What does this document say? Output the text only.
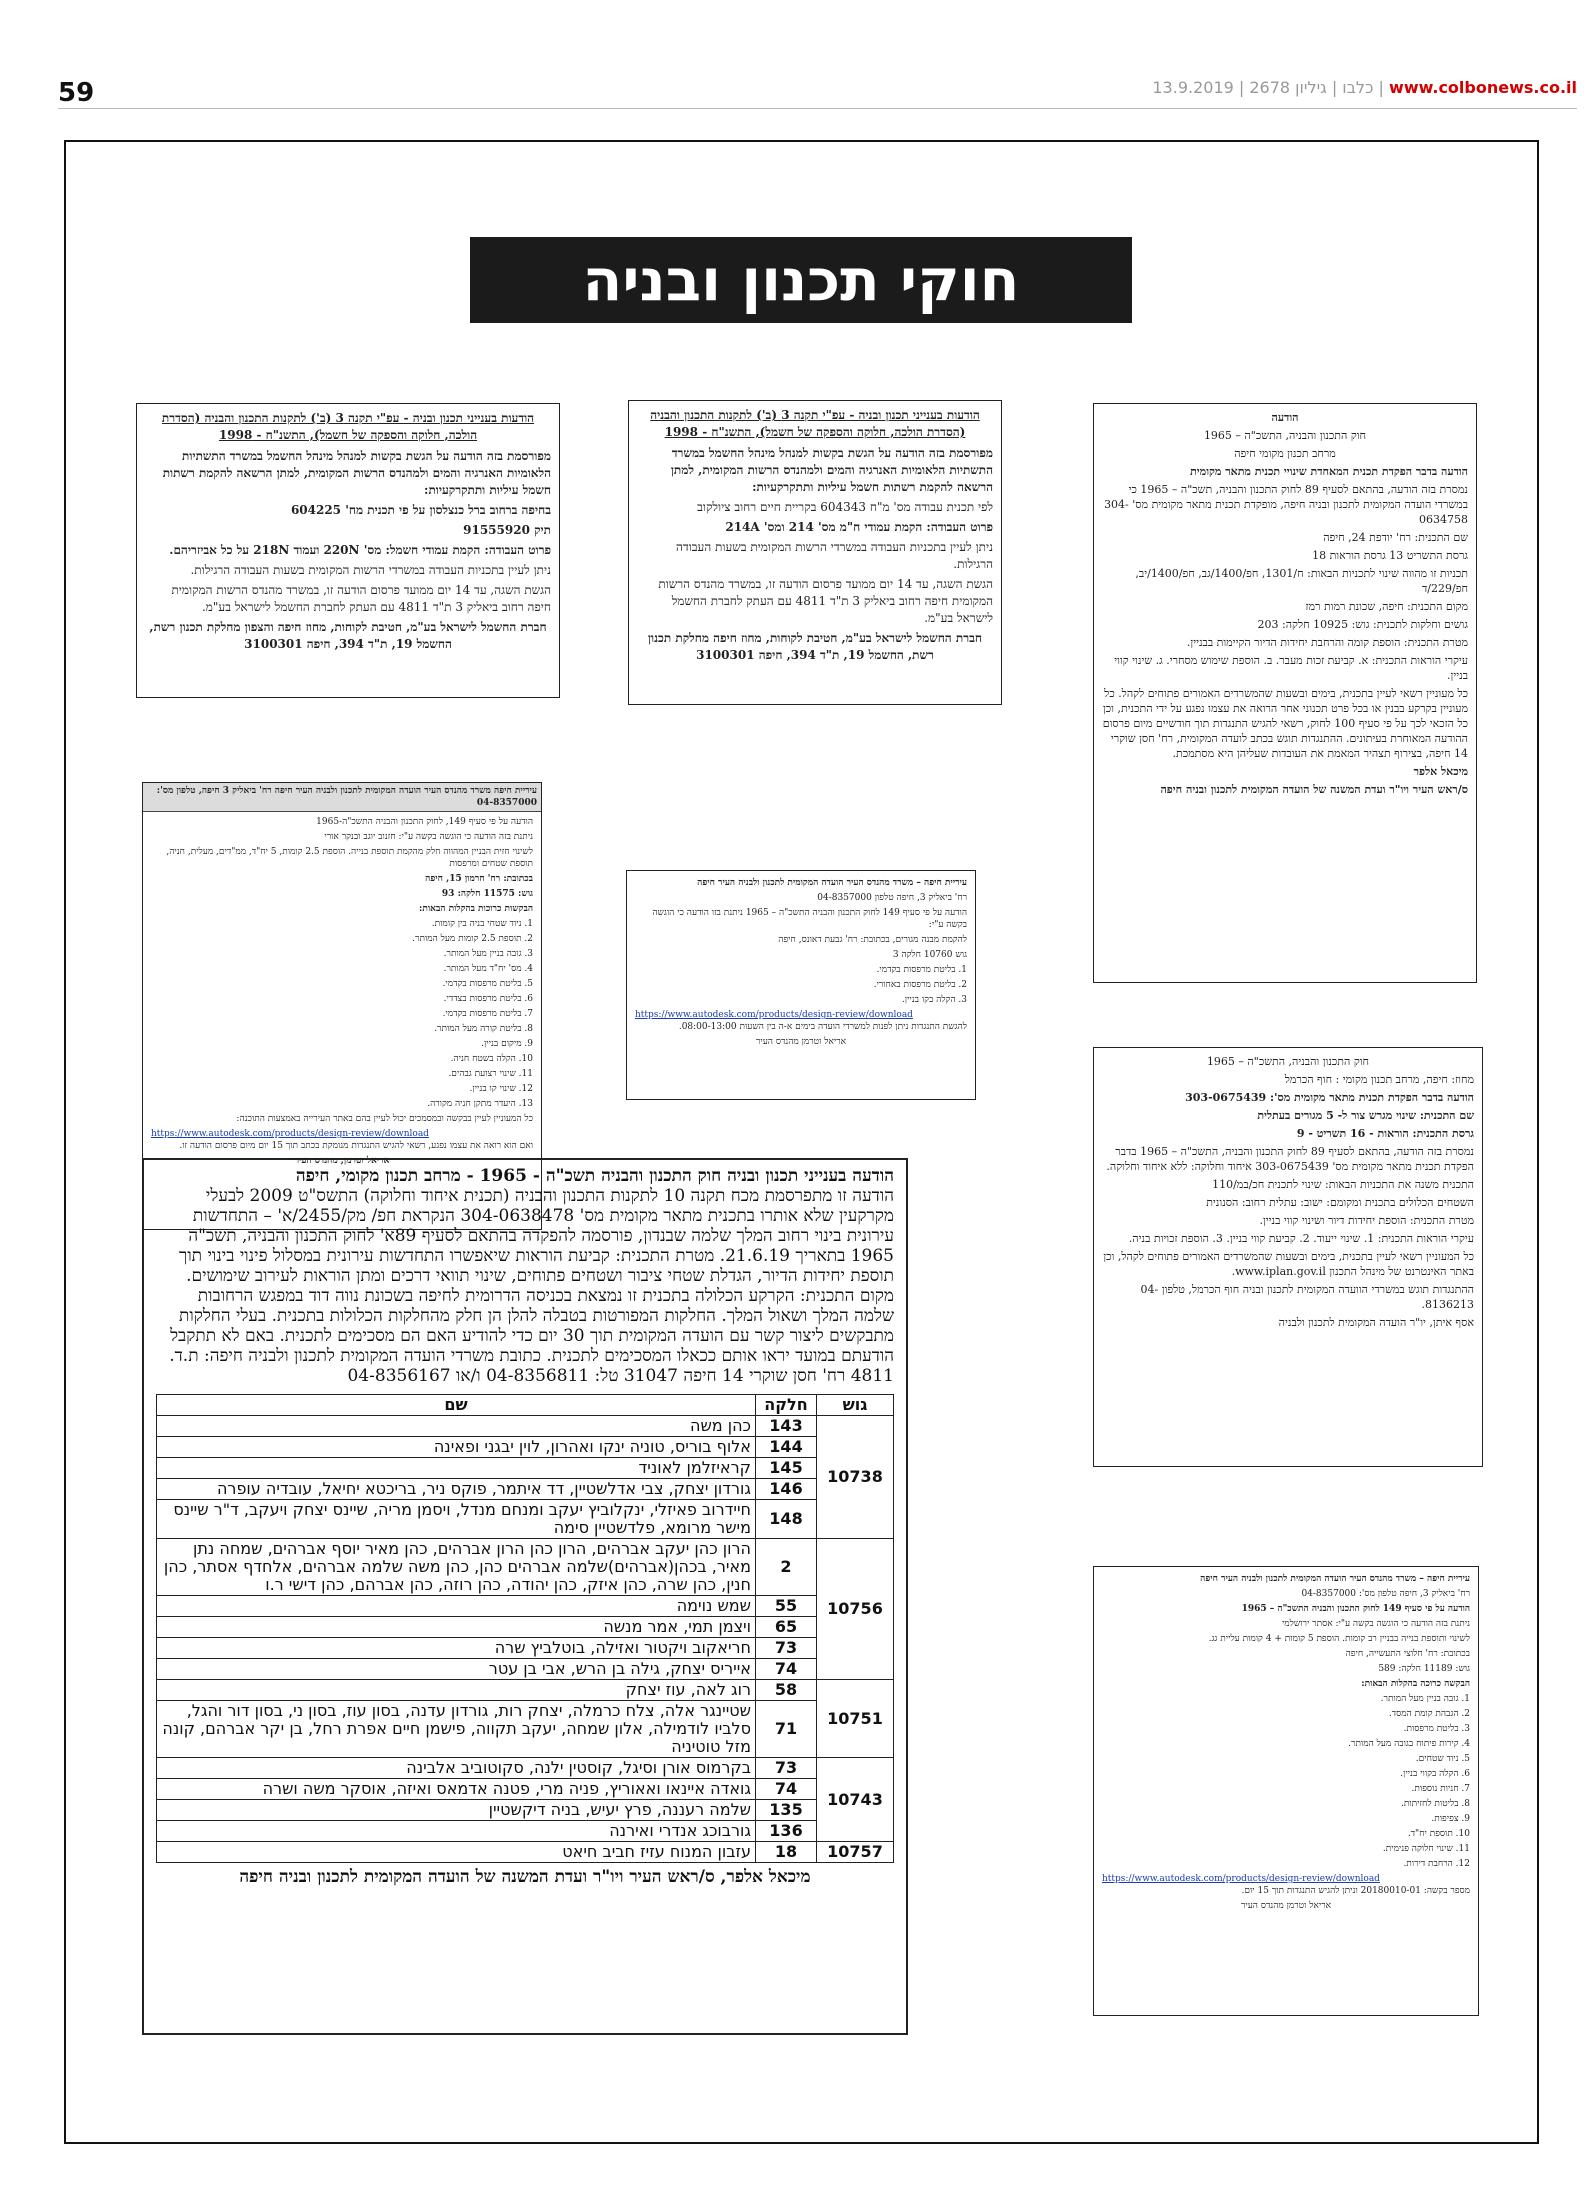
59	www.colbonews.co.il | כלבו | גיליון 2678 | 13.9.2019
חוקי תכנון ובניה
הודעות בענייני תכנון ובניה - עפ"י תקנה 3 (ב') לתקנות התכנון והבניה (הסדרת הולכה, חלוקה והספקה של חשמל), התשנ"ח - 1998

מפורסמת בזה הודעה על הגשת בקשות למנהל מינהל החשמל במשרד התשתיות הלאומיות האנרגיה והמים ולמהנדס הרשות המקומית, למתן הרשאה להקמת רשתות חשמל עיליות ותתקרקעיות:

בחיפה ברחוב ברל כנצלסון על פי תכנית מח' 604225

תיק 91555920

פרוט העבודה: הקמת עמודי חשמל: מס' 220N ועמוד 218N על כל אביזריהם.

ניתן לעיין בתכניות העבודה במשרדי הרשות המקומית בשעות העבודה הרגילות.

הגשת השגה, עד 14 יום ממועד פרסום הודעה זו, במשרד מהנדס הרשות המקומית חיפה רחוב ביאליק 3 ת"ד 4811 עם העתק לחברת החשמל לישראל בע"מ.

חברת החשמל לישראל בע"מ, חטיבת לקוחות, מחוז חיפה והצפון מחלקת תכנון רשת, החשמל 19, ת"ד 394, חיפה 3100301

הודעות בענייני תכנון ובניה - עפ"י תקנה 3 (ב') לתקנות התכנון והבניה (הסדרת הולכה, חלוקה והספקה של חשמל), התשנ"ח - 1998

מפורסמת בזה הודעה על הגשת בקשות למנהל מינהל החשמל במשרד התשתיות הלאומיות האנרגיה והמים ולמהנדס הרשות המקומית, למתן הרשאה להקמת רשתות חשמל עיליות ותתקרקעיות:

לפי תכנית עבודה מס' מ"ח 604343 בקריית חיים רחוב ציולקוב

פרוט העבודה: הקמת עמודי ח"מ מס' 214 ומס' 214A

ניתן לעיין בתכניות העבודה במשרדי הרשות המקומית בשעות העבודה הרגילות.

הגשת השגה, עד 14 יום ממועד פרסום הודעה זו, במשרד מהנדס הרשות המקומית חיפה רחוב ביאליק 3 ת"ד 4811 עם העתק לחברת החשמל לישראל בע"מ.

חברת החשמל לישראל בע"מ, חטיבת לקוחות, מחוז חיפה מחלקת תכנון רשת, החשמל 19, ת"ד 394, חיפה 3100301

הודעה

חוק התכנון והבניה, התשכ"ה – 1965

מרחב תכנון מקומי חיפה

הודעה בדבר הפקדת תכנית המאחדת שינויי תכנית מתאר מקומית

נמסרת בזה הודעה, בהתאם לסעיף 89 לחוק התכנון והבניה, תשכ"ה – 1965 כי במשרדי הועדה המקומית לתכנון ובניה חיפה, מופקדת תכנית מתאר מקומית מס' 304-0634758

שם התכנית: רח' יודפת 24, חיפה

גרסת התשריט 13 גרסת הוראות 18

תכניות זו מהווה שינוי לתכניות הבאות: ח/1301, חפ/1400/גב, חפ/1400/יב, חפ/229/ד

מקום התכנית: חיפה, שכונת רמות רמז

גושים וחלקות לתכנית: גוש: 10925 חלקה: 203

מטרת התכנית: הוספת קומה והרחבת יחידות הדיור הקיימות בבניין.

עיקרי הוראות התכנית: א. קביעת זכות מעבר. ב. הוספת שימוש מסחרי. ג. שינוי קווי בניין.

כל מעוניין רשאי לעיין בתכנית, בימים ובשעות שהמשרדים האמורים פתוחים לקהל. כל מעוניין בקרקע בבנין או בכל פרט תכנוני אחר הרואה את עצמו נפגע על ידי התכנית, וכן כל הזכאי לכך על פי סעיף 100 לחוק, רשאי להגיש התנגדות תוך חודשיים מיום פרסום ההודעה המאוחרת בעיתונים. ההתנגדות תוגש בכתב לועדה המקומית, רח' חסן שוקרי 14 חיפה, בצירוף תצהיר המאמת את העובדות שעליהן היא מסתמכת.

מיכאל אלפר

ס/ראש העיר ויו"ר ועדת המשנה של הועדה המקומית לתכנון ובניה חיפה

עיריית חיפה משרד מהנדס העיר הועדה המקומית לתכנון ולבניה העיר חיפה רח' ביאליק 3 חיפה, טלפון מס': 04-8357000

הודעה על פי סעיף 149, לחוק התכנון והבניה התשכ"ה-1965

ניתנת בזה הודעה כי הוגשה בקשה ע"י: חזנוב יוגב ובנקר אורי

לשינוי חזית הבניין המהווה חלק מהקמת תוספת בנייה. הוספת 2.5 קומות, 5 יח"ד, ממ"דים, מעלית, חניה, תוספת שטחים ומרפסות

בכתובת: רח' חרמון 15, חיפה

גוש: 11575 חלקה: 93

הבקשות כרוכות בהקלות הבאות:

1. ניוד שטחי בניה בין קומות.

2. תוספת 2.5 קומות מעל המותר.

3. גובה בניין מעל המותר.

4. מס' יח"ד מעל המותר.

5. בליטת מרפסות בקדמי.

6. בליטת מרפסות בצדדי.

7. בליטת מרפסות בקדמי.

8. בליטת קורה מעל המותר.

9. מיקום בניין.

10. הקלה בשטח חניה.

11. שינוי רצועת גבהים.

12. שינוי קו בניין.

13. היעדר מתקן חניה מקורה.

כל המעוניין לעיין בבקשה ובמסמכים יכול לעיין בהם באתר העירייה באמצעות התוכנה:

https://www.autodesk.com/products/design-review/download

ואם הוא רואה את עצמו נפגע, רשאי להגיש התנגדות מנומקת בכתב תוך 15 יום מיום פרסום הודעה זו.

אריאל וטרמן, מהנדס העיר

עיריית חיפה – משרד מהנדס העיר הועדה המקומית לתכנון ולבניה העיר חיפה

רח' ביאליק 3, חיפה טלפון 04-8357000

הודעה על פי סעיף 149 לחוק התכנון והבניה התשכ"ה – 1965 ניתנת בזו הודעה כי הוגשה בקשה ע"י:

להקמת מבנה מגורים, בכתובת: רח' גבעת דאונס, חיפה

גוש 10760 חלקה 3

1. בליטת מרפסות בקדמי.

2. בליטת מרפסות באחורי.

3. הקלה בקו בניין.

https://www.autodesk.com/products/design-review/download

להגשת התנגדות ניתן לפנות למשרדי הועדה בימים א-ה בין השעות 08:00-13:00.

אריאל וטרמן מהנדס העיר

חוק התכנון והבניה, התשכ"ה – 1965

מחוז: חיפה, מרחב תכנון מקומי : חוף הכרמל

הודעה בדבר הפקדת תכנית מתאר מקומית מס': 303-0675439

שם התכנית: שינוי מגרש צור ל- 5 מגורים בעתלית

גרסת התכנית: הוראות - 16 תשריט - 9

נמסרת בזה הודעה, בהתאם לסעיף 89 לחוק התכנון והבניה, התשכ"ה – 1965 בדבר הפקדת תכנית מתאר מקומית מס' 303-0675439 איחוד וחלוקה: ללא איחוד וחלוקה.

התכנית משנה את התכניות הבאות: שינוי לתכנית חכ/במ/110

השטחים הכלולים בתכנית ומקומם: ישוב: עתלית רחוב: הסנונית

מטרת התכנית: הוספת יחידות דיור ושינוי קווי בניין.

עיקרי הוראות התכנית: 1. שינוי ייעוד. 2. קביעת קווי בניין. 3. הוספת זכויות בניה.

כל המעוניין רשאי לעיין בתכנית, בימים ובשעות שהמשרדים האמורים פתוחים לקהל, וכן באתר האינטרנט של מינהל התכנון www.iplan.gov.il.

ההתנגדות תוגש במשרדי הוועדה המקומית לתכנון ובניה חוף הכרמל, טלפון 04-8136213.

אסף איתן, יו"ר הועדה המקומית לתכנון ולבניה

עיריית חיפה – משרד מהנדס העיר הועדה המקומית לתכנון ולבניה העיר חיפה

רח' ביאליק 3, חיפה טלפון מס': 04-8357000

הודעה על פי סעיף 149 לחוק התכנון והבניה התשכ"ה – 1965

ניתנת בזה הודעה כי הוגשה בקשה ע"י: אסתר ירושלמי

לשינוי ותוספת בנייה בבניין רב קומות. הוספת 5 קומות + 4 קומות עליית גג.

בכתובת: רח' חלוצי התעשייה, חיפה

גוש: 11189 חלקה: 589

הבקשה כרוכה בהקלות הבאות:

1. גובה בניין מעל המותר.

2. הגבהת קומת המסד.

3. בליטת מרפסות.

4. קירות פיתוח בגובה מעל המותר.

5. ניוד שטחים.

6. הקלה בקווי בניין.

7. חניות נוספות.

8. בליטות לחזיתות.

9. צפיפות.

10. תוספת יח"ד.

11. שינוי חלוקה פנימית.

12. הרחבת דירות.

https://www.autodesk.com/products/design-review/download

מספר בקשה: 20180010-01 וניתן להגיש התנגדות תוך 15 יום.

אריאל וטרמן מהנדס העיר

הודעה בענייני תכנון ובניה חוק התכנון והבניה תשכ"ה - 1965 - מרחב תכנון מקומי, חיפה
הודעה זו מתפרסמת מכח תקנה 10 לתקנות התכנון והבניה (תכנית איחוד וחלוקה) התשס"ט 2009 לבעלי מקרקעין שלא אותרו בתכנית מתאר מקומית מס' 304-0638478 הנקראת חפ/ מק/2455/א' – התחדשות עירונית בינוי רחוב המלך שלמה שבנדון, פורסמה להפקדה בהתאם לסעיף 89א' לחוק התכנון והבניה, תשכ"ה 1965 בתאריך 21.6.19. מטרת התכנית: קביעת הוראות שיאפשרו התחדשות עירונית במסלול פינוי בינוי תוך תוספת יחידות הדיור, הגדלת שטחי ציבור ושטחים פתוחים, שינוי תוואי דרכים ומתן הוראות לעירוב שימושים. מקום התכנית: הקרקע הכלולה בתכנית זו נמצאת בכניסה הדרומית לחיפה בשכונת נווה דוד במפגש הרחובות שלמה המלך ושאול המלך. החלקות המפורטות בטבלה להלן הן חלק מהחלקות הכלולות בתכנית. בעלי החלקות מתבקשים ליצור קשר עם הועדה המקומית תוך 30 יום כדי להודיע האם הם מסכימים לתכנית. באם לא תתקבל הודעתם במועד יראו אותם ככאלו המסכימים לתכנית. כתובת משרדי הועדה המקומית לתכנון ולבניה חיפה: ת.ד. 4811 רח' חסן שוקרי 14 חיפה 31047 טל: 04-8356811 ו/או 04-8356167
גוש	חלקה	שם
10738	143	כהן משה
	144	אלוף בוריס, טוניה ינקו ואהרון, לוין יבגני ופאינה
	145	קראיזלמן לאוניד
	146	גורדון יצחק, צבי אדלשטיין, דד איתמר, פוקס ניר, בריכטא יחיאל, עובדיה עופרה
	148	חיידרוב פאיזלי, ינקלוביץ יעקב ומנחם מנדל, ויסמן מריה, שיינס יצחק ויעקב, ד"ר שיינס מישר מרומא, פלדשטיין סימה
10756	2	הרון כהן יעקב אברהים, הרון כהן הרון אברהים, כהן מאיר יוסף אברהים, שמחה נתן מאיר, בכהן(אברהים)שלמה אברהים כהן, כהן משה שלמה אברהים, אלחדף אסתר, כהן חנין, כהן שרה, כהן איזק, כהן יהודה, כהן רוזה, כהן אברהם, כהן דישי ר.ו
	55	שמש נוימה
	65	ויצמן תמי, אמר מנשה
	73	חריאקוב ויקטור ואזילה, בוטלביץ שרה
	74	אייריס יצחק, גילה בן הרש, אבי בן עטר
10751	58	רוג לאה, עוז יצחק
	71	שטיינגר אלה, צלח כרמלה, יצחק רות, גורדון עדנה, בסון עוז, בסון ני, בסון דור והגל, סלביו לודמילה, אלון שמחה, יעקב תקווה, פישמן חיים אפרת רחל, בן יקר אברהם, קונה מזל טוטיניה
10743	73	בקרמוס אורן וסיגל, קוסטין ילנה, סקוטוביב אלבינה
	74	גואדה איינאו ואאוריץ, פניה מרי, פטנה אדמאס ואיזה, אוסקר משה ושרה
	135	שלמה רעננה, פרץ יעיש, בניה דיקשטיין
	136	גורבוכג אנדרי ואירנה
10757	18	עזבון המנוח עזיז חביב חיאט
מיכאל אלפר, ס/ראש העיר ויו"ר ועדת המשנה של הועדה המקומית לתכנון ובניה חיפה
